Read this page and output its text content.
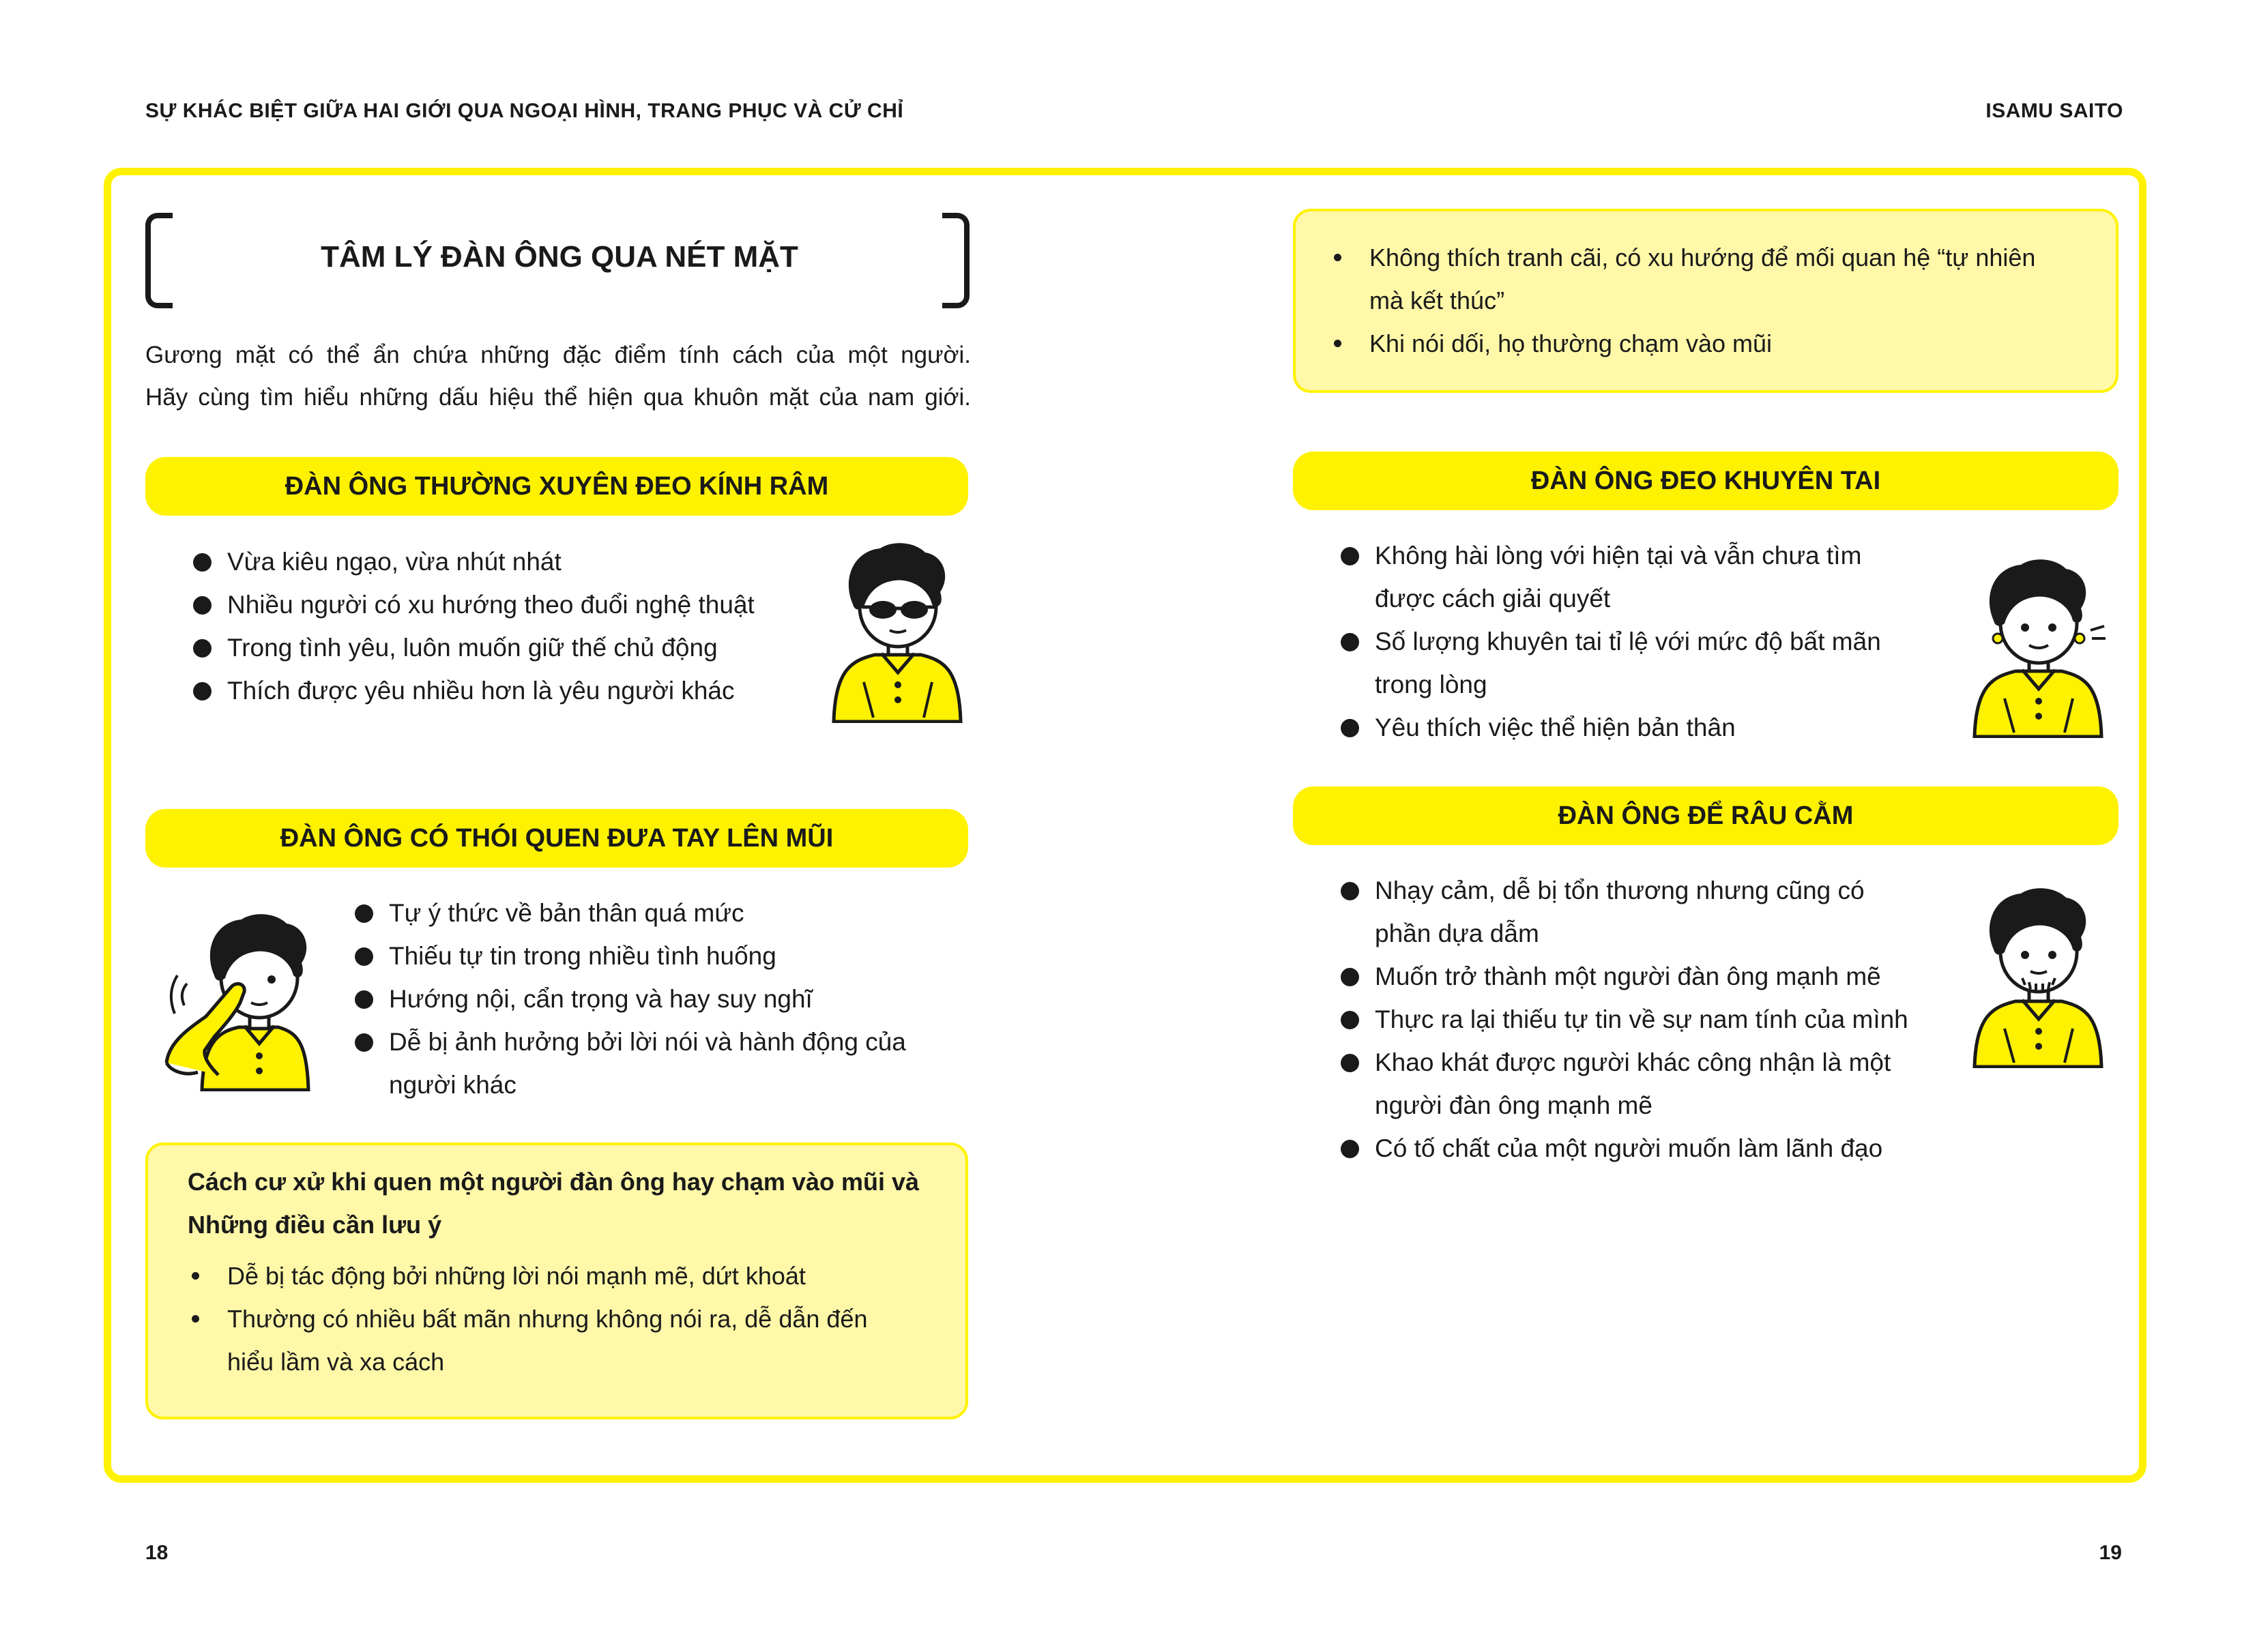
SỰ KHÁC BIỆT GIỮA HAI GIỚI QUA NGOẠI HÌNH, TRANG PHỤC VÀ CỬ CHỈ	ISAMU SAITO
TÂM LÝ ĐÀN ÔNG QUA NÉT MẶT

Gương mặt có thể ẩn chứa những đặc điểm tính cách của một người.

Hãy cùng tìm hiểu những dấu hiệu thể hiện qua khuôn mặt của nam giới.

ĐÀN ÔNG THƯỜNG XUYÊN ĐEO KÍNH RÂM
Vừa kiêu ngạo, vừa nhút nhát
Nhiều người có xu hướng theo đuổi nghệ thuật
Trong tình yêu, luôn muốn giữ thế chủ động
Thích được yêu nhiều hơn là yêu người khác
ĐÀN ÔNG CÓ THÓI QUEN ĐƯA TAY LÊN MŨI
Tự ý thức về bản thân quá mức
Thiếu tự tin trong nhiều tình huống
Hướng nội, cẩn trọng và hay suy nghĩ
Dễ bị ảnh hưởng bởi lời nói và hành động của
người khác
Cách cư xử khi quen một người đàn ông hay chạm vào mũi và
Những điều cần lưu ý
Dễ bị tác động bởi những lời nói mạnh mẽ, dứt khoát
Thường có nhiều bất mãn nhưng không nói ra, dễ dẫn đến
hiểu lầm và xa cách
Không thích tranh cãi, có xu hướng để mối quan hệ “tự nhiên
mà kết thúc”
Khi nói dối, họ thường chạm vào mũi
ĐÀN ÔNG ĐEO KHUYÊN TAI
Không hài lòng với hiện tại và vẫn chưa tìm
được cách giải quyết
Số lượng khuyên tai tỉ lệ với mức độ bất mãn
trong lòng
Yêu thích việc thể hiện bản thân
ĐÀN ÔNG ĐỂ RÂU CẰM
Nhạy cảm, dễ bị tổn thương nhưng cũng có
phần dựa dẫm
Muốn trở thành một người đàn ông mạnh mẽ
Thực ra lại thiếu tự tin về sự nam tính của mình
Khao khát được người khác công nhận là một
người đàn ông mạnh mẽ
Có tố chất của một người muốn làm lãnh đạo
18	19
